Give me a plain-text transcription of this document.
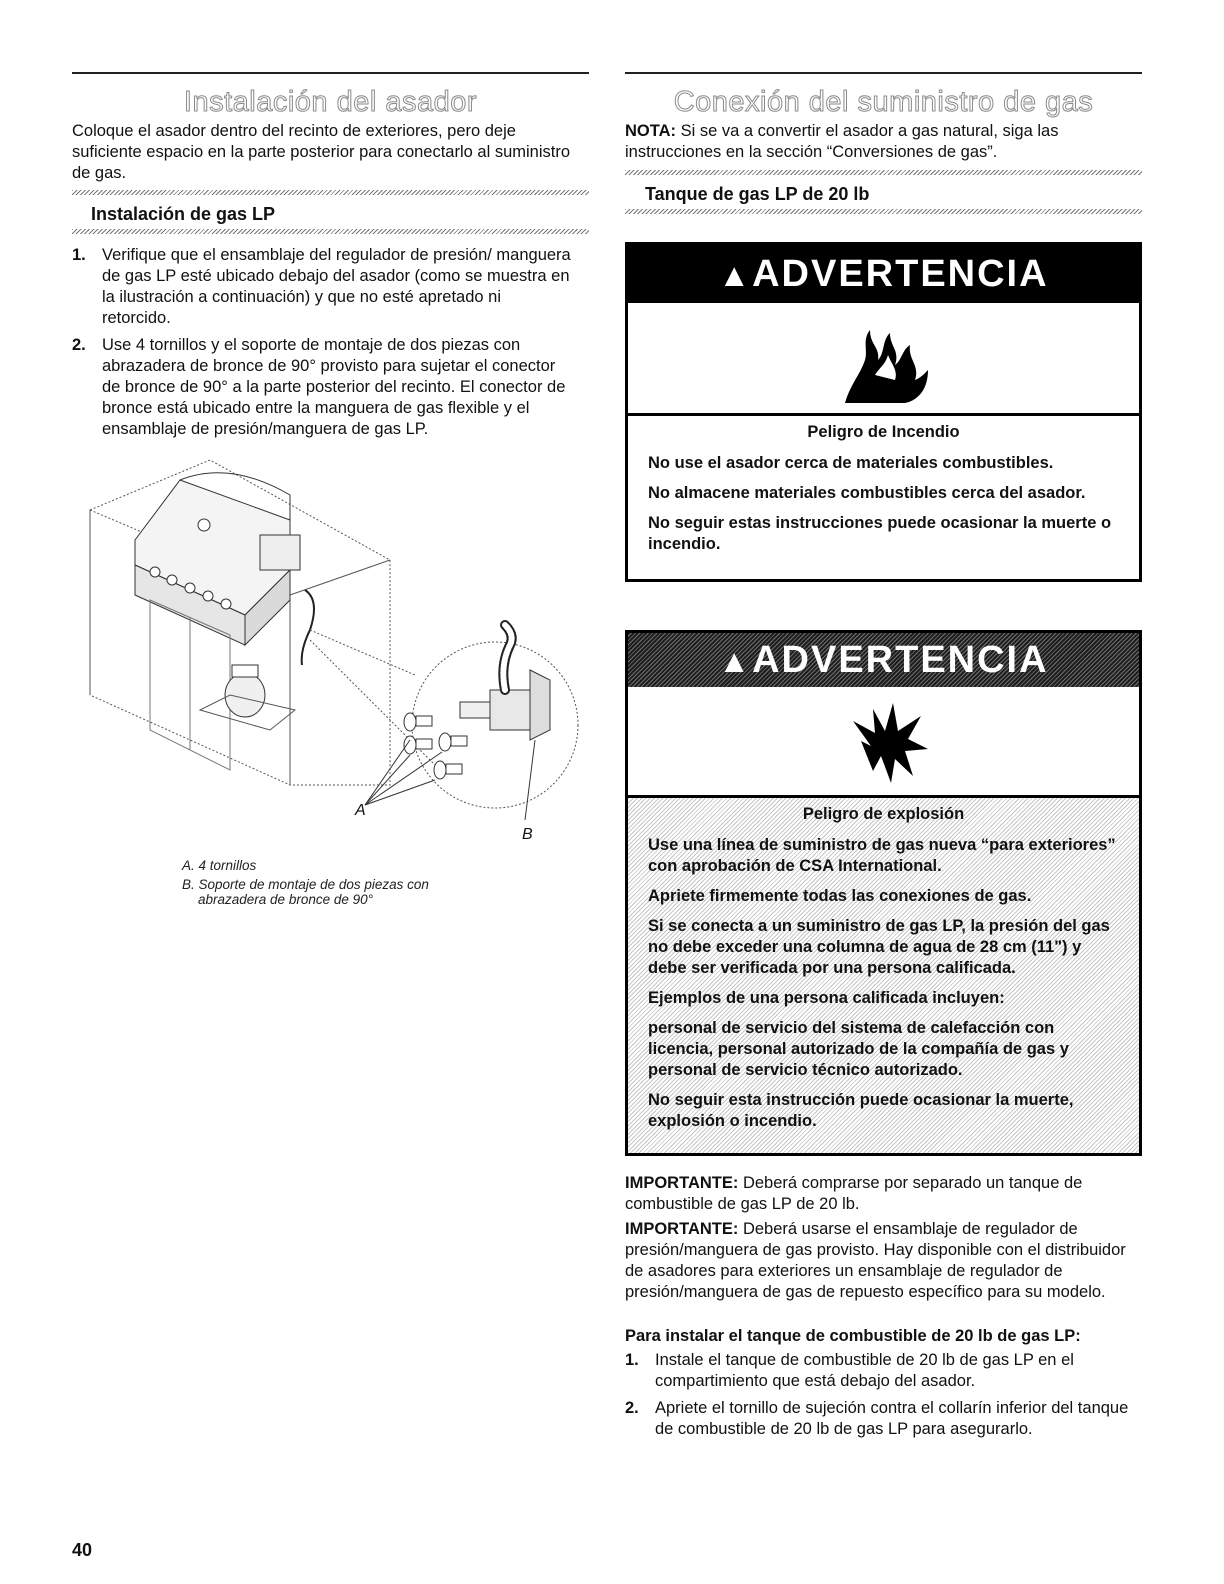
Instalación del asador

Coloque el asador dentro del recinto de exteriores, pero deje suficiente espacio en la parte posterior para conectarlo al suministro de gas.

Instalación de gas LP
1. Verifique que el ensamblaje del regulador de presión/ manguera de gas LP esté ubicado debajo del asador (como se muestra en la ilustración a continuación) y que no esté apretado ni retorcido.
2. Use 4 tornillos y el soporte de montaje de dos piezas con abrazadera de bronce de 90° provisto para sujetar el conector de bronce de 90° a la parte posterior del recinto. El conector de bronce está ubicado entre la manguera de gas flexible y el ensamblaje de presión/manguera de gas LP.
A
B
A. 4 tornillos
B. Soporte de montaje de dos piezas con
abrazadera de bronce de 90°
Conexión del suministro de gas

NOTA: Si se va a convertir el asador a gas natural, siga las instrucciones en la sección “Conversiones de gas”.

Tanque de gas LP de 20 lb
▲ADVERTENCIA

Peligro de Incendio

No use el asador cerca de materiales combustibles.

No almacene materiales combustibles cerca del asador.

No seguir estas instrucciones puede ocasionar la muerte o incendio.

▲ADVERTENCIA

Peligro de explosión

Use una línea de suministro de gas nueva “para exteriores” con aprobación de CSA International.

Apriete firmemente todas las conexiones de gas.

Si se conecta a un suministro de gas LP, la presión del gas no debe exceder una columna de agua de 28 cm (11") y debe ser verificada por una persona calificada.

Ejemplos de una persona calificada incluyen:

personal de servicio del sistema de calefacción con licencia, personal autorizado de la compañía de gas y personal de servicio técnico autorizado.

No seguir esta instrucción puede ocasionar la muerte, explosión o incendio.

IMPORTANTE: Deberá comprarse por separado un tanque de combustible de gas LP de 20 lb.

IMPORTANTE: Deberá usarse el ensamblaje de regulador de presión/manguera de gas provisto. Hay disponible con el distribuidor de asadores para exteriores un ensamblaje de regulador de presión/manguera de gas de repuesto específico para su modelo.

Para instalar el tanque de combustible de 20 lb de gas LP:
1. Instale el tanque de combustible de 20 lb de gas LP en el compartimiento que está debajo del asador.
2. Apriete el tornillo de sujeción contra el collarín inferior del tanque de combustible de 20 lb de gas LP para asegurarlo.
40
